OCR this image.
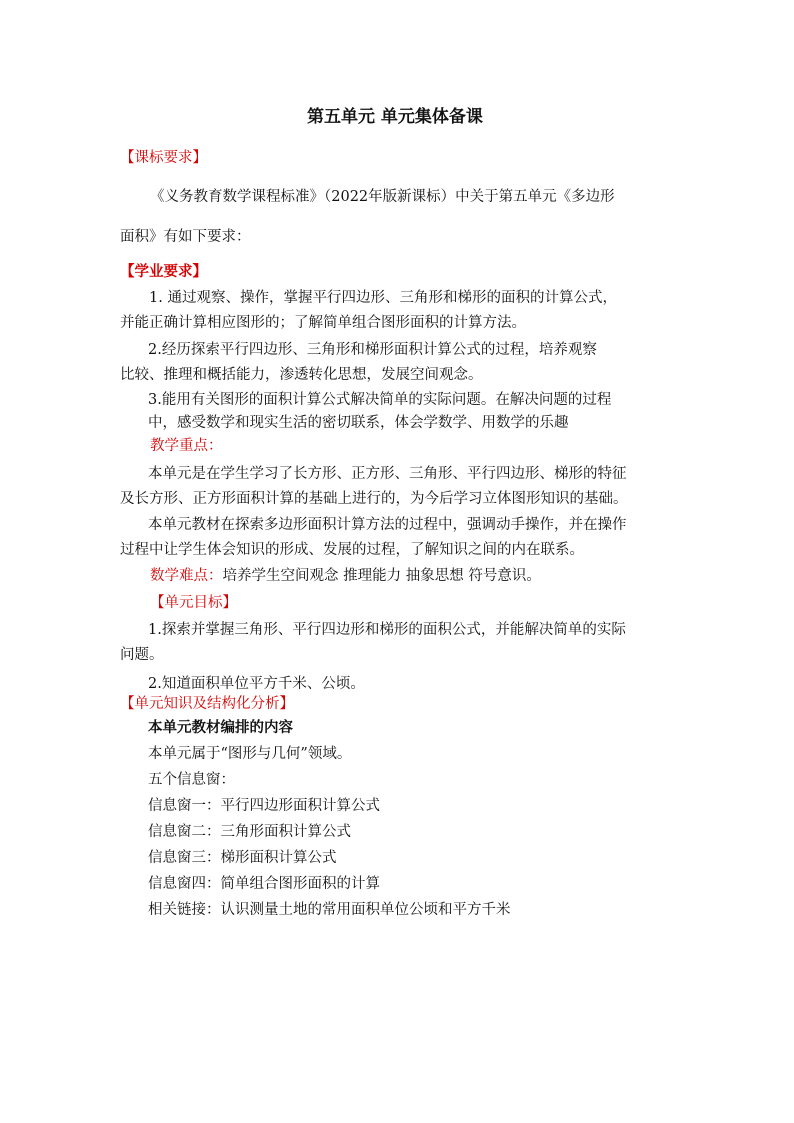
第五单元 单元集体备课
【课标要求】
《义务教育数学课程标准》（2022年版新课标）中关于第五单元《多边形
面积》有如下要求：
【学业要求】
1. 通过观察、操作，掌握平行四边形、三角形和梯形的面积的计算公式，
并能正确计算相应图形的；了解简单组合图形面积的计算方法。
2.经历探索平行四边形、三角形和梯形面积计算公式的过程，培养观察
比较、推理和概括能力，渗透转化思想，发展空间观念。
3.能用有关图形的面积计算公式解决简单的实际问题。在解决问题的过程
中，感受数学和现实生活的密切联系，体会学数学、用数学的乐趣
教学重点：
本单元是在学生学习了长方形、正方形、三角形、平行四边形、梯形的特征
及长方形、正方形面积计算的基础上进行的，为今后学习立体图形知识的基础。
本单元教材在探索多边形面积计算方法的过程中，强调动手操作，并在操作
过程中让学生体会知识的形成、发展的过程，了解知识之间的内在联系。
数学难点：培养学生空间观念 推理能力 抽象思想 符号意识。
【单元目标】
1.探索并掌握三角形、平行四边形和梯形的面积公式，并能解决简单的实际
问题。
2.知道面积单位平方千米、公顷。
【单元知识及结构化分析】
本单元教材编排的内容
本单元属于“图形与几何”领域。
五个信息窗：
信息窗一：平行四边形面积计算公式
信息窗二：三角形面积计算公式
信息窗三：梯形面积计算公式
信息窗四：简单组合图形面积的计算
相关链接：认识测量土地的常用面积单位公顷和平方千米
